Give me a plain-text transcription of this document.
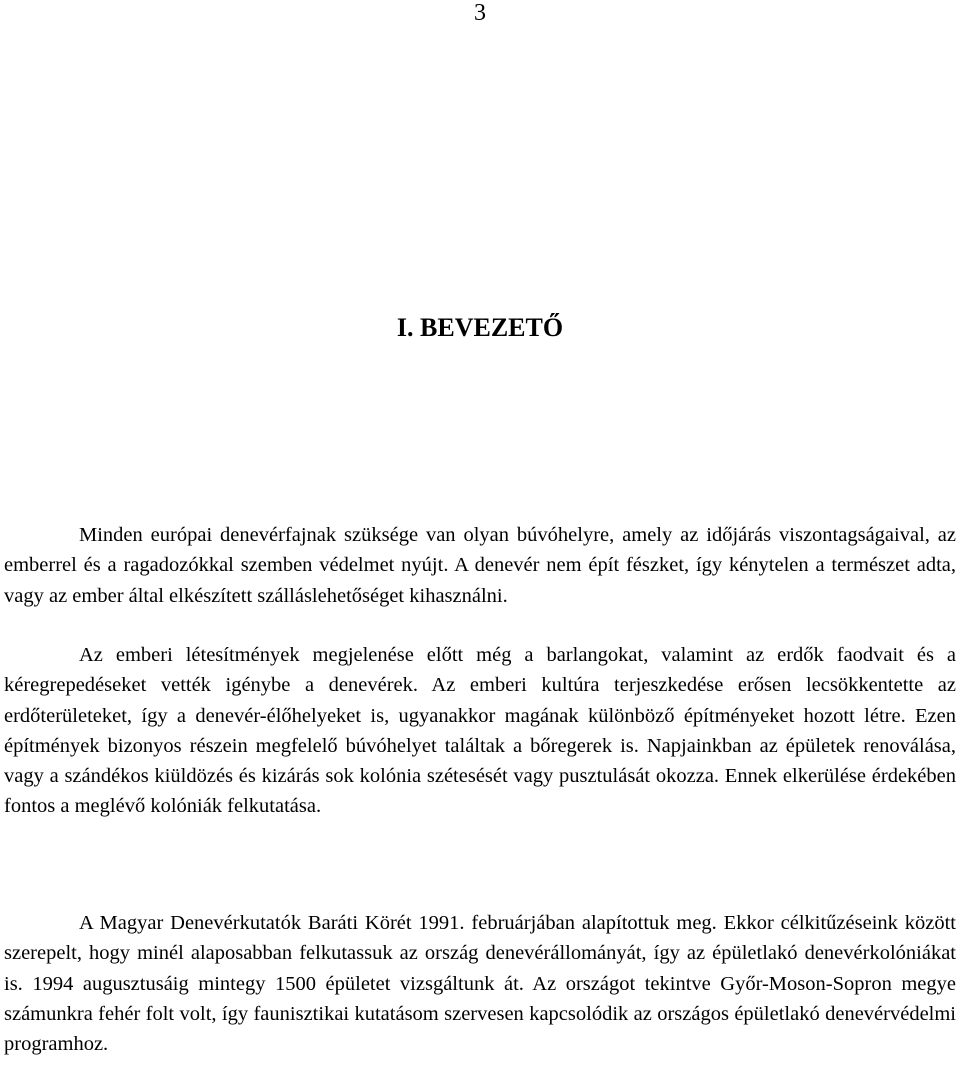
3
I. BEVEZETŐ

Minden európai denevérfajnak szüksége van olyan búvóhelyre, amely az időjárás viszontagságaival, az emberrel és a ragadozókkal szemben védelmet nyújt. A denevér nem épít fészket, így kénytelen a természet adta, vagy az ember által elkészített szálláslehetőséget kihasználni.

Az emberi létesítmények megjelenése előtt még a barlangokat, valamint az erdők faodvait és a kéregrepedéseket vették igénybe a denevérek. Az emberi kultúra terjeszkedése erősen lecsökkentette az erdőterületeket, így a denevér-élőhelyeket is, ugyanakkor magának különböző építményeket hozott létre. Ezen építmények bizonyos részein megfelelő búvóhelyet találtak a bőregerek is. Napjainkban az épületek renoválása, vagy a szándékos kiüldözés és kizárás sok kolónia szétesését vagy pusztulását okozza. Ennek elkerülése érdekében fontos a meglévő kolóniák felkutatása.

A Magyar Denevérkutatók Baráti Körét 1991. februárjában alapítottuk meg. Ekkor célkitűzéseink között szerepelt, hogy minél alaposabban felkutassuk az ország denevérállományát, így az épületlakó denevérkolóniákat is. 1994 augusztusáig mintegy 1500 épületet vizsgáltunk át. Az országot tekintve Győr-Moson-Sopron megye számunkra fehér folt volt, így faunisztikai kutatásom szervesen kapcsolódik az országos épületlakó denevérvédelmi programhoz.
